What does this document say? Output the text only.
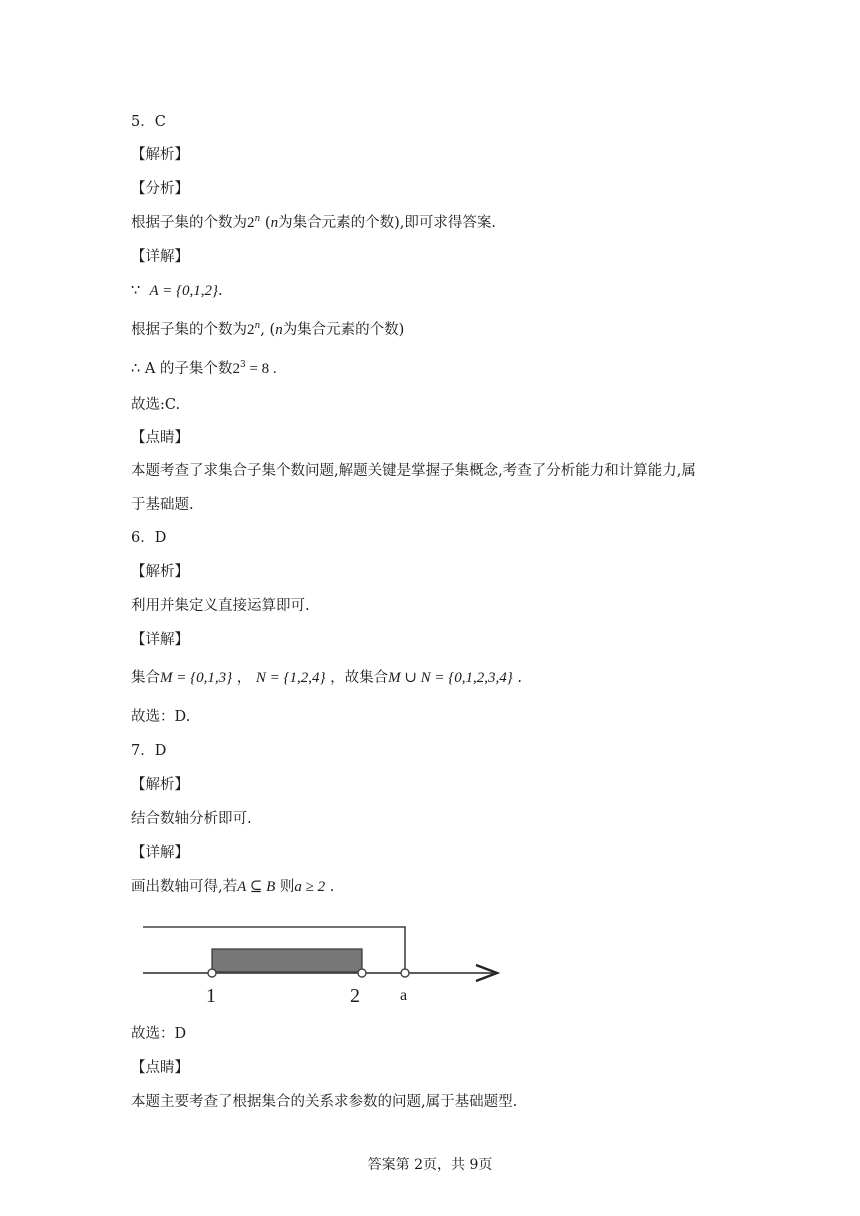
5．C
【解析】
【分析】
根据子集的个数为2$^n$ (n为集合元素的个数),即可求得答案.
【详解】
∵ A = {0,1,2}.
根据子集的个数为2$^n$, (n为集合元素的个数)
∴ A 的子集个数$2^3 = 8$ .
故选:C.
【点睛】
本题考查了求集合子集个数问题,解题关键是掌握子集概念,考查了分析能力和计算能力,属
于基础题.
6．D
【解析】
利用并集定义直接运算即可.
【详解】
集合M = {0,1,3} ， N = {1,2,4} ，故集合M ∪ N = {0,1,2,3,4} .
故选：D.
7．D
【解析】
结合数轴分析即可.
【详解】
画出数轴可得,若A ⊆ B 则a ≥ 2 .
1	2	a
故选：D
【点睛】
本题主要考查了根据集合的关系求参数的问题,属于基础题型.
答案第 2页，共 9页
